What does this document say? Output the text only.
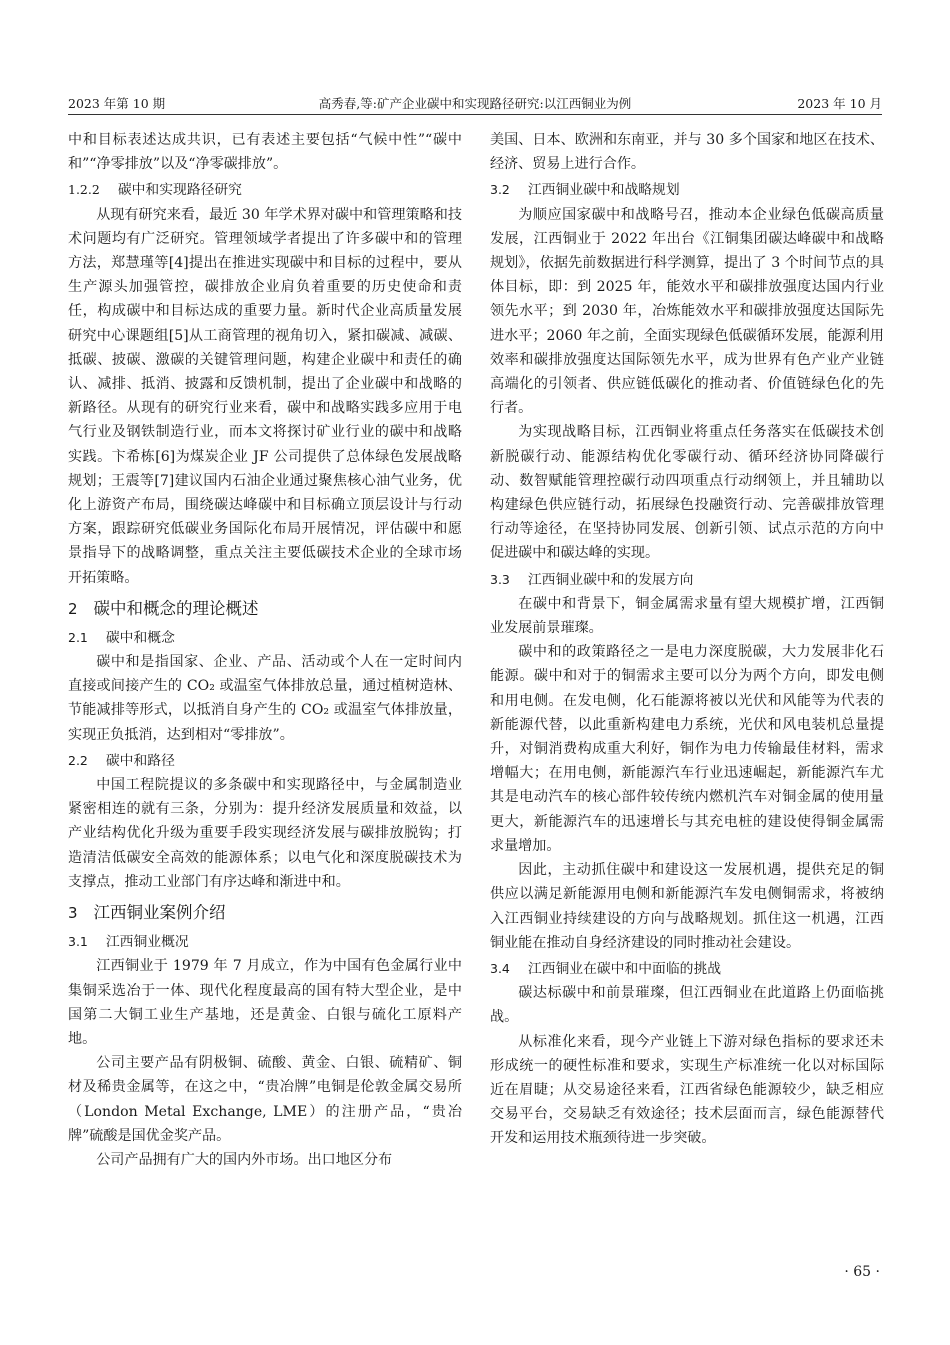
2023 年第 10 期	高秀春,等:矿产企业碳中和实现路径研究:以江西铜业为例	2023 年 10 月

中和目标表述达成共识，已有表述主要包括“气候中性”“碳中和”“净零排放”以及“净零碳排放”。

1.2.2 碳中和实现路径研究

从现有研究来看，最近 30 年学术界对碳中和管理策略和技术问题均有广泛研究。管理领域学者提出了许多碳中和的管理方法，郑慧瑾等[4]提出在推进实现碳中和目标的过程中，要从生产源头加强管控，碳排放企业肩负着重要的历史使命和责任，构成碳中和目标达成的重要力量。新时代企业高质量发展研究中心课题组[5]从工商管理的视角切入，紧扣碳减、减碳、抵碳、披碳、激碳的关键管理问题，构建企业碳中和责任的确认、减排、抵消、披露和反馈机制，提出了企业碳中和战略的新路径。从现有的研究行业来看，碳中和战略实践多应用于电气行业及钢铁制造行业，而本文将探讨矿业行业的碳中和战略实践。卞希栋[6]为煤炭企业 JF 公司提供了总体绿色发展战略规划；王震等[7]建议国内石油企业通过聚焦核心油气业务，优化上游资产布局，围绕碳达峰碳中和目标确立顶层设计与行动方案，跟踪研究低碳业务国际化布局开展情况，评估碳中和愿景指导下的战略调整，重点关注主要低碳技术企业的全球市场开拓策略。

2 碳中和概念的理论概述
2.1 碳中和概念

碳中和是指国家、企业、产品、活动或个人在一定时间内直接或间接产生的 CO₂ 或温室气体排放总量，通过植树造林、节能减排等形式，以抵消自身产生的 CO₂ 或温室气体排放量，实现正负抵消，达到相对“零排放”。

2.2 碳中和路径

中国工程院提议的多条碳中和实现路径中，与金属制造业紧密相连的就有三条，分别为：提升经济发展质量和效益，以产业结构优化升级为重要手段实现经济发展与碳排放脱钩；打造清洁低碳安全高效的能源体系；以电气化和深度脱碳技术为支撑点，推动工业部门有序达峰和渐进中和。

3 江西铜业案例介绍
3.1 江西铜业概况

江西铜业于 1979 年 7 月成立，作为中国有色金属行业中集铜采选冶于一体、现代化程度最高的国有特大型企业，是中国第二大铜工业生产基地，还是黄金、白银与硫化工原料产地。

公司主要产品有阴极铜、硫酸、黄金、白银、硫精矿、铜材及稀贵金属等，在这之中，“贵冶牌”电铜是伦敦金属交易所（London Metal Exchange, LME）的注册产品，“贵冶牌”硫酸是国优金奖产品。

公司产品拥有广大的国内外市场。出口地区分布

美国、日本、欧洲和东南亚，并与 30 多个国家和地区在技术、经济、贸易上进行合作。

3.2 江西铜业碳中和战略规划

为顺应国家碳中和战略号召，推动本企业绿色低碳高质量发展，江西铜业于 2022 年出台《江铜集团碳达峰碳中和战略规划》，依据先前数据进行科学测算，提出了 3 个时间节点的具体目标，即：到 2025 年，能效水平和碳排放强度达国内行业领先水平；到 2030 年，冶炼能效水平和碳排放强度达国际先进水平；2060 年之前，全面实现绿色低碳循环发展，能源利用效率和碳排放强度达国际领先水平，成为世界有色产业产业链高端化的引领者、供应链低碳化的推动者、价值链绿色化的先行者。

为实现战略目标，江西铜业将重点任务落实在低碳技术创新脱碳行动、能源结构优化零碳行动、循环经济协同降碳行动、数智赋能管理控碳行动四项重点行动纲领上，并且辅助以构建绿色供应链行动，拓展绿色投融资行动、完善碳排放管理行动等途径，在坚持协同发展、创新引领、试点示范的方向中促进碳中和碳达峰的实现。

3.3 江西铜业碳中和的发展方向

在碳中和背景下，铜金属需求量有望大规模扩增，江西铜业发展前景璀璨。

碳中和的政策路径之一是电力深度脱碳，大力发展非化石能源。碳中和对于的铜需求主要可以分为两个方向，即发电侧和用电侧。在发电侧，化石能源将被以光伏和风能等为代表的新能源代替，以此重新构建电力系统，光伏和风电装机总量提升，对铜消费构成重大利好，铜作为电力传输最佳材料，需求增幅大；在用电侧，新能源汽车行业迅速崛起，新能源汽车尤其是电动汽车的核心部件较传统内燃机汽车对铜金属的使用量更大，新能源汽车的迅速增长与其充电桩的建设使得铜金属需求量增加。

因此，主动抓住碳中和建设这一发展机遇，提供充足的铜供应以满足新能源用电侧和新能源汽车发电侧铜需求，将被纳入江西铜业持续建设的方向与战略规划。抓住这一机遇，江西铜业能在推动自身经济建设的同时推动社会建设。

3.4 江西铜业在碳中和中面临的挑战

碳达标碳中和前景璀璨，但江西铜业在此道路上仍面临挑战。

从标准化来看，现今产业链上下游对绿色指标的要求还未形成统一的硬性标准和要求，实现生产标准统一化以对标国际近在眉睫；从交易途径来看，江西省绿色能源较少，缺乏相应交易平台，交易缺乏有效途径；技术层面而言，绿色能源替代开发和运用技术瓶颈待进一步突破。

· 65 ·
